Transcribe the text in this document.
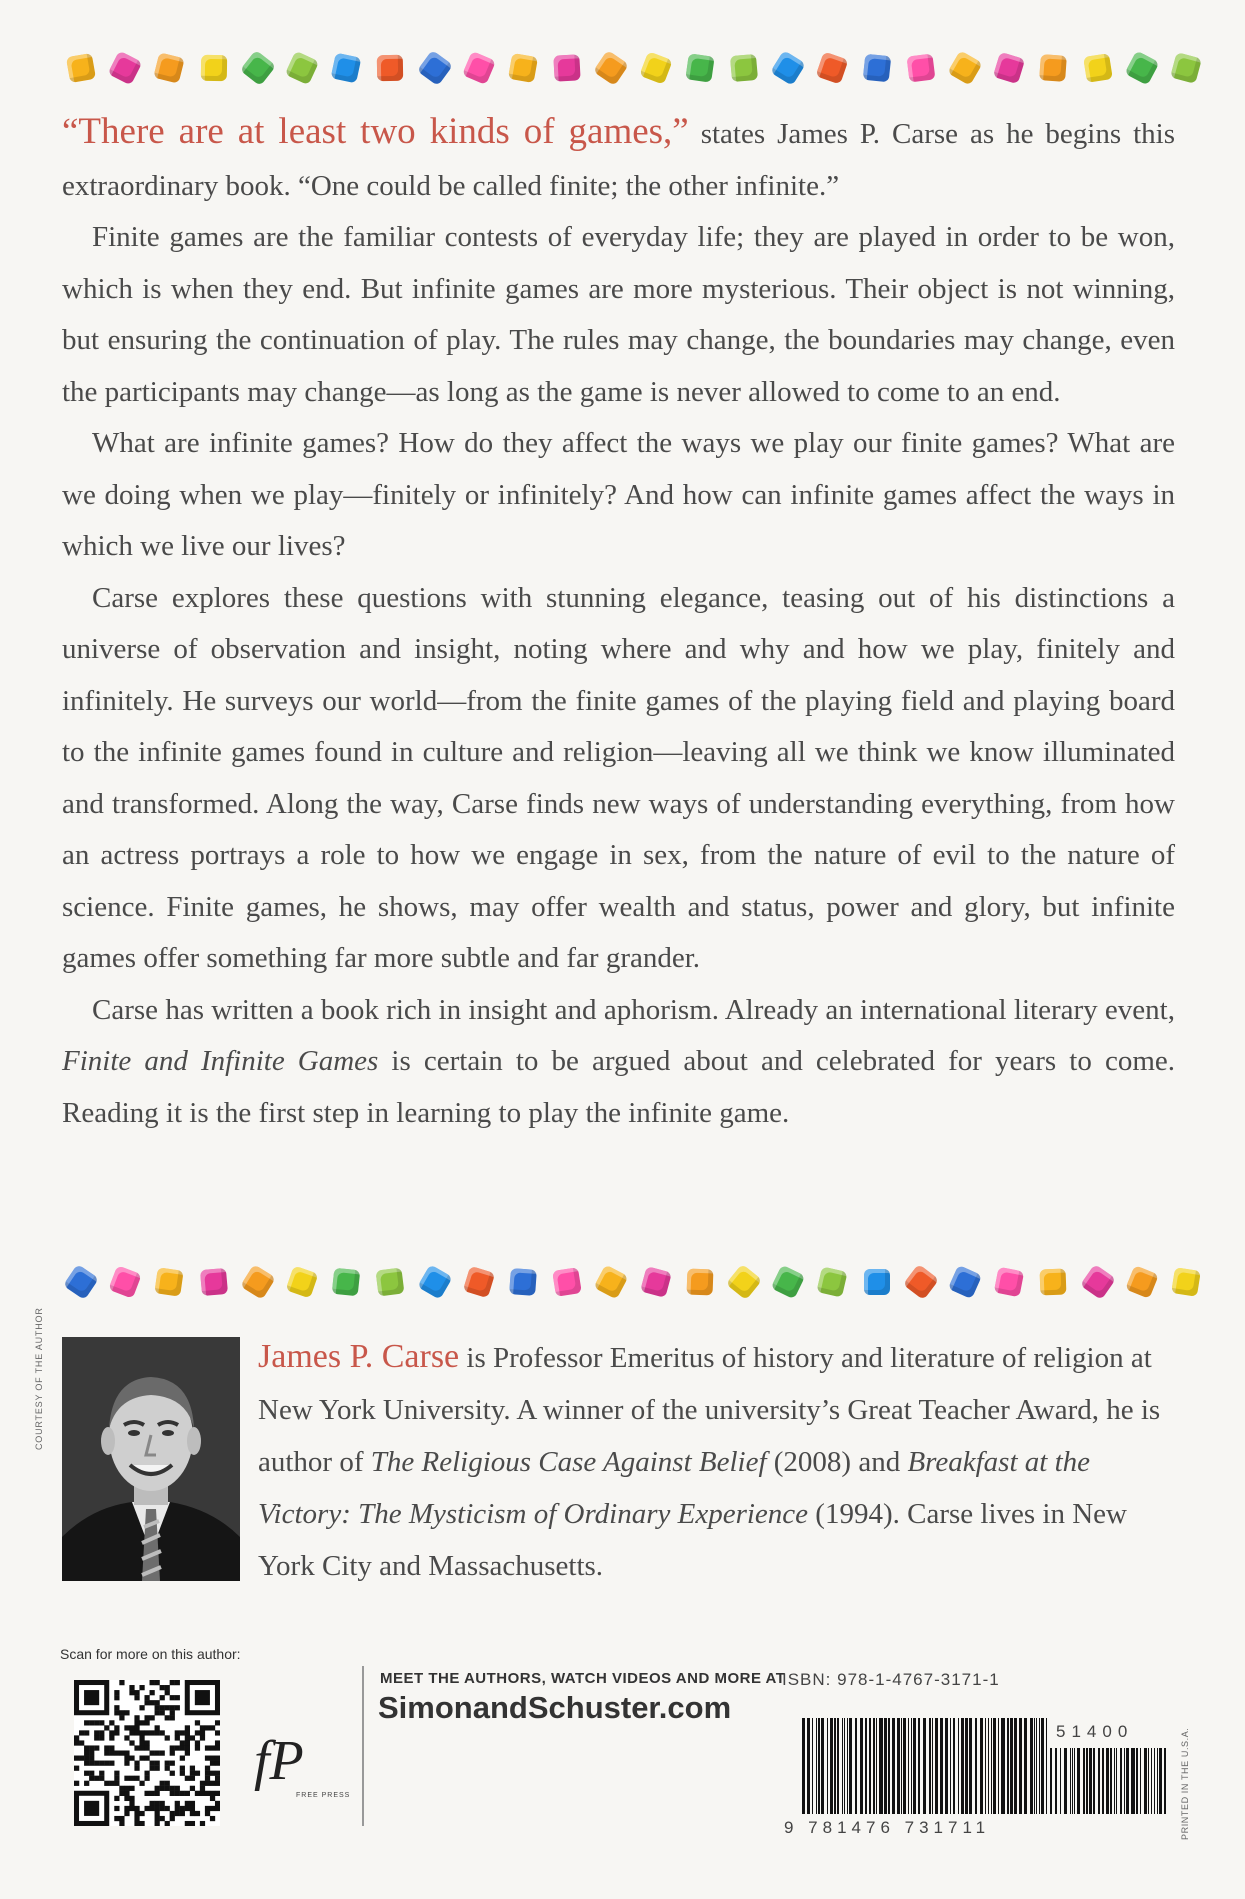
“There are at least two kinds of games,” states James P. Carse as he begins this extraordinary book. “One could be called finite; the other infinite.”

Finite games are the familiar contests of everyday life; they are played in order to be won, which is when they end. But infinite games are more mysterious. Their object is not winning, but ensuring the continuation of play. The rules may change, the boundaries may change, even the participants may change—as long as the game is never allowed to come to an end.

What are infinite games? How do they affect the ways we play our finite games? What are we doing when we play—finitely or infinitely? And how can infinite games affect the ways in which we live our lives?

Carse explores these questions with stunning elegance, teasing out of his distinctions a universe of observation and insight, noting where and why and how we play, finitely and infinitely. He surveys our world—from the finite games of the playing field and playing board to the infinite games found in culture and religion—leaving all we think we know illuminated and transformed. Along the way, Carse finds new ways of understanding everything, from how an actress portrays a role to how we engage in sex, from the nature of evil to the nature of science. Finite games, he shows, may offer wealth and status, power and glory, but infinite games offer something far more subtle and far grander.

Carse has written a book rich in insight and aphorism. Already an international literary event, Finite and Infinite Games is certain to be argued about and celebrated for years to come. Reading it is the first step in learning to play the infinite game.

COURTESY OF THE AUTHOR	James P. Carse is Professor Emeritus of history and literature of religion at New York University. A winner of the university’s Great Teacher Award, he is author of The Religious Case Against Belief (2008) and Breakfast at the Victory: The Mysticism of Ordinary Experience (1994). Carse lives in New York City and Massachusetts.
Scan for more on this author:
fP
FREE PRESS
MEET THE AUTHORS, WATCH VIDEOS AND MORE AT
SimonandSchuster.com
ISBN: 978-1-4767-3171-1
51400
9 781476 731711	PRINTED IN THE U.S.A.
